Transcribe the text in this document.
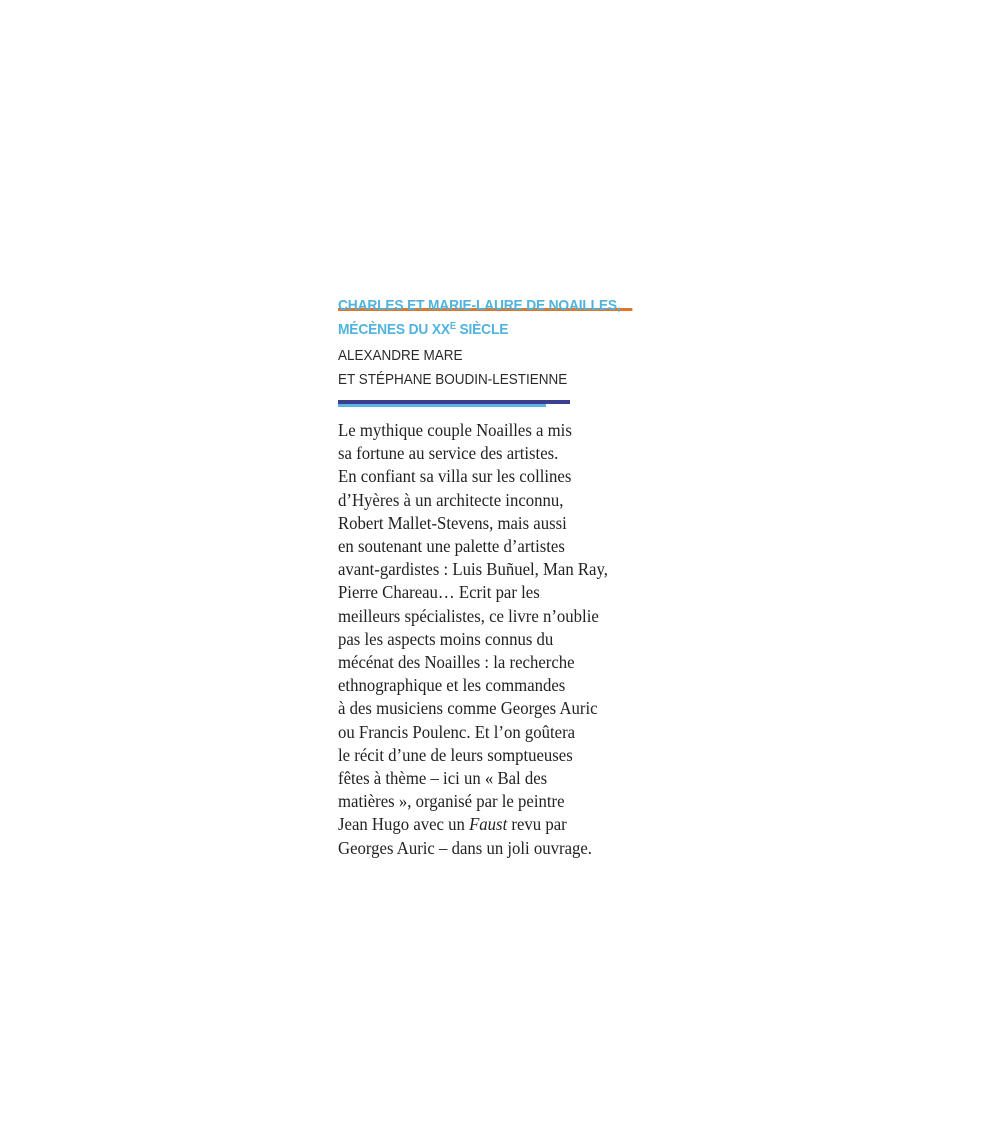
CHARLES ET MARIE-LAURE DE NOAILLES,
MÉCÈNES DU $XX^E$ SIÈCLE
ALEXANDRE MARE
ET STÉPHANE BOUDIN-LESTIENNE
Le mythique couple Noailles a mis
sa fortune au service des artistes.
En confiant sa villa sur les collines
d’Hyères à un architecte inconnu,
Robert Mallet-Stevens, mais aussi
en soutenant une palette d’artistes
avant-gardistes : Luis Buñuel, Man Ray,
Pierre Chareau… Ecrit par les
meilleurs spécialistes, ce livre n’oublie
pas les aspects moins connus du
mécénat des Noailles : la recherche
ethnographique et les commandes
à des musiciens comme Georges Auric
ou Francis Poulenc. Et l’on goûtera
le récit d’une de leurs somptueuses
fêtes à thème – ici un « Bal des
matières », organisé par le peintre
Jean Hugo avec un Faust revu par
Georges Auric – dans un joli ouvrage.
